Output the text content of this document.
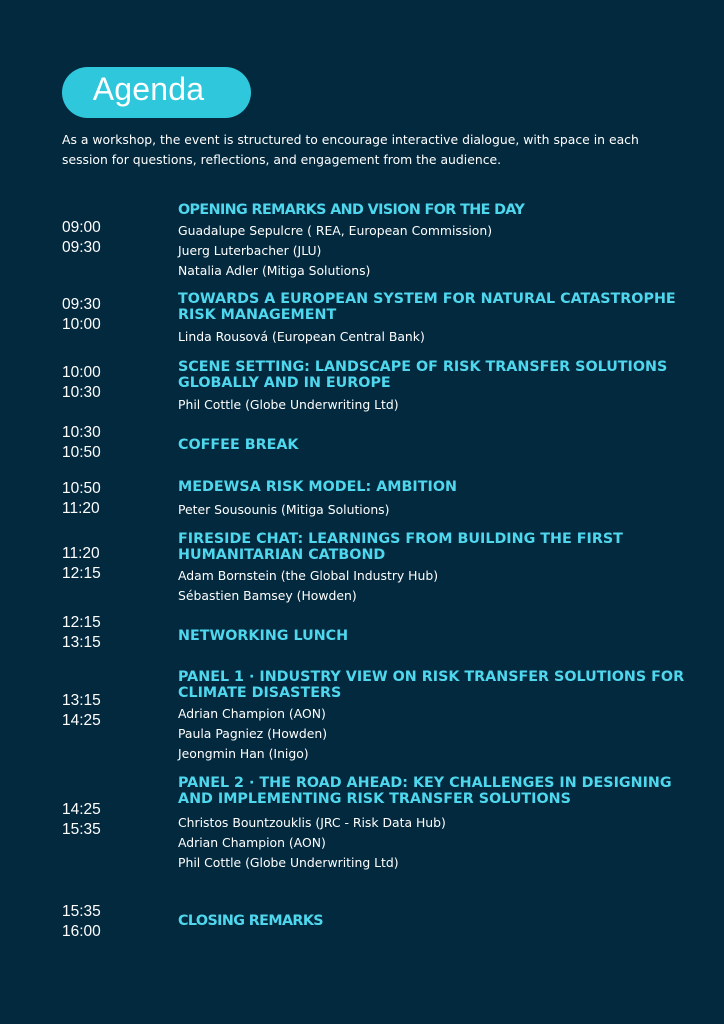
Agenda
As a workshop, the event is structured to encourage interactive dialogue, with space in each session for questions, reflections, and engagement from the audience.
09:00
09:30
OPENING REMARKS AND VISION FOR THE DAY
Guadalupe Sepulcre ( REA, European Commission)
Juerg Luterbacher (JLU)
Natalia Adler (Mitiga Solutions)
09:30
10:00
TOWARDS A EUROPEAN SYSTEM FOR NATURAL CATASTROPHE RISK MANAGEMENT
Linda Rousová (European Central Bank)
10:00
10:30
SCENE SETTING: LANDSCAPE OF RISK TRANSFER SOLUTIONS GLOBALLY AND IN EUROPE
Phil Cottle (Globe Underwriting Ltd)
10:30
10:50	COFFEE BREAK
10:50
11:20
MEDEWSA RISK MODEL: AMBITION
Peter Sousounis (Mitiga Solutions)
11:20
12:15
FIRESIDE CHAT: LEARNINGS FROM BUILDING THE FIRST HUMANITARIAN CATBOND
Adam Bornstein (the Global Industry Hub)
Sébastien Bamsey (Howden)
12:15
13:15	NETWORKING LUNCH
13:15
14:25
PANEL 1 · INDUSTRY VIEW ON RISK TRANSFER SOLUTIONS FOR CLIMATE DISASTERS
Adrian Champion (AON)
Paula Pagniez (Howden)
Jeongmin Han (Inigo)
14:25
15:35
PANEL 2 · THE ROAD AHEAD: KEY CHALLENGES IN DESIGNING AND IMPLEMENTING RISK TRANSFER SOLUTIONS
Christos Bountzouklis (JRC - Risk Data Hub)
Adrian Champion (AON)
Phil Cottle (Globe Underwriting Ltd)
15:35
16:00
CLOSING REMARKS
